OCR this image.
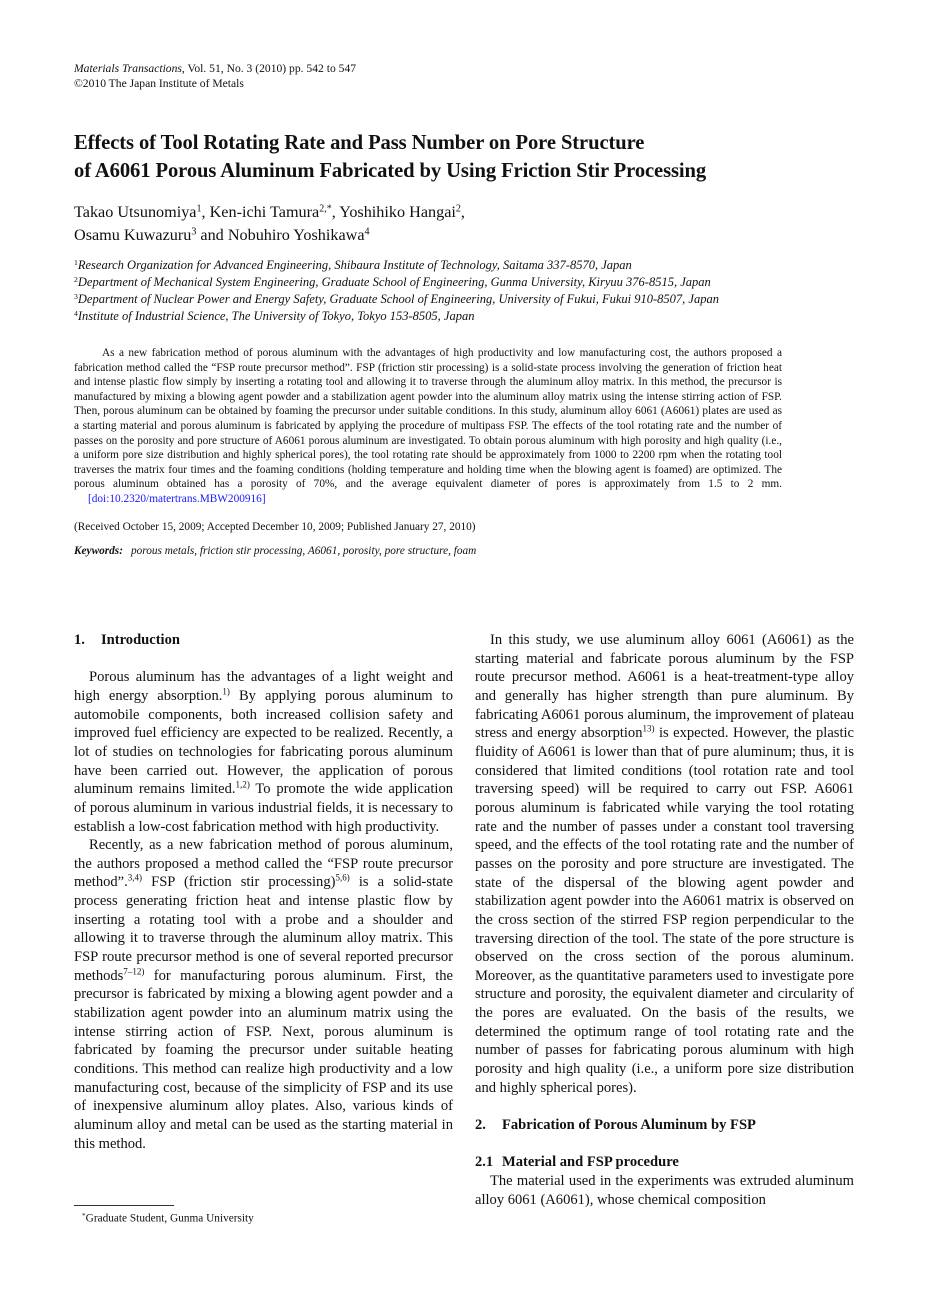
Materials Transactions, Vol. 51, No. 3 (2010) pp. 542 to 547
©2010 The Japan Institute of Metals
Effects of Tool Rotating Rate and Pass Number on Pore Structure
of A6061 Porous Aluminum Fabricated by Using Friction Stir Processing
Takao Utsunomiya$^1$, Ken-ichi Tamura$^{2,*}$, Yoshihiko Hangai$^2$,
Osamu Kuwazuru$^3$ and Nobuhiro Yoshikawa$^4$
$^1$Research Organization for Advanced Engineering, Shibaura Institute of Technology, Saitama 337-8570, Japan
$^2$Department of Mechanical System Engineering, Graduate School of Engineering, Gunma University, Kiryuu 376-8515, Japan
$^3$Department of Nuclear Power and Energy Safety, Graduate School of Engineering, University of Fukui, Fukui 910-8507, Japan
$^4$Institute of Industrial Science, The University of Tokyo, Tokyo 153-8505, Japan
As a new fabrication method of porous aluminum with the advantages of high productivity and low manufacturing cost, the authors proposed a fabrication method called the “FSP route precursor method”. FSP (friction stir processing) is a solid-state process involving the generation of friction heat and intense plastic flow simply by inserting a rotating tool and allowing it to traverse through the aluminum alloy matrix. In this method, the precursor is manufactured by mixing a blowing agent powder and a stabilization agent powder into the aluminum alloy matrix using the intense stirring action of FSP. Then, porous aluminum can be obtained by foaming the precursor under suitable conditions. In this study, aluminum alloy 6061 (A6061) plates are used as a starting material and porous aluminum is fabricated by applying the procedure of multipass FSP. The effects of the tool rotating rate and the number of passes on the porosity and pore structure of A6061 porous aluminum are investigated. To obtain porous aluminum with high porosity and high quality (i.e., a uniform pore size distribution and highly spherical pores), the tool rotating rate should be approximately from 1000 to 2200 rpm when the rotating tool traverses the matrix four times and the foaming conditions (holding temperature and holding time when the blowing agent is foamed) are optimized. The porous aluminum obtained has a porosity of 70%, and the average equivalent diameter of pores is approximately from 1.5 to 2 mm.[doi:10.2320/matertrans.MBW200916]
(Received October 15, 2009; Accepted December 10, 2009; Published January 27, 2010)
Keywords: porous metals, friction stir processing, A6061, porosity, pore structure, foam
1. Introduction

Porous aluminum has the advantages of a light weight and high energy absorption.$^{1)}$ By applying porous aluminum to automobile components, both increased collision safety and improved fuel efficiency are expected to be realized. Recently, a lot of studies on technologies for fabricating porous aluminum have been carried out. However, the application of porous aluminum remains limited.$^{1,2)}$ To promote the wide application of porous aluminum in various industrial fields, it is necessary to establish a low-cost fabrication method with high productivity.

Recently, as a new fabrication method of porous aluminum, the authors proposed a method called the “FSP route precursor method”.$^{3,4)}$ FSP (friction stir processing)$^{5,6)}$ is a solid-state process generating friction heat and intense plastic flow by inserting a rotating tool with a probe and a shoulder and allowing it to traverse through the aluminum alloy matrix. This FSP route precursor method is one of several reported precursor methods$^{7-12)}$ for manufacturing porous aluminum. First, the precursor is fabricated by mixing a blowing agent powder and a stabilization agent powder into an aluminum matrix using the intense stirring action of FSP. Next, porous aluminum is fabricated by foaming the precursor under suitable heating conditions. This method can realize high productivity and a low manufacturing cost, because of the simplicity of FSP and its use of inexpensive aluminum alloy plates. Also, various kinds of aluminum alloy and metal can be used as the starting material in this method.

In this study, we use aluminum alloy 6061 (A6061) as the starting material and fabricate porous aluminum by the FSP route precursor method. A6061 is a heat-treatment-type alloy and generally has higher strength than pure aluminum. By fabricating A6061 porous aluminum, the improvement of plateau stress and energy absorption$^{13)}$ is expected. However, the plastic fluidity of A6061 is lower than that of pure aluminum; thus, it is considered that limited conditions (tool rotation rate and tool traversing speed) will be required to carry out FSP. A6061 porous aluminum is fabricated while varying the tool rotating rate and the number of passes under a constant tool traversing speed, and the effects of the tool rotating rate and the number of passes on the porosity and pore structure are investigated. The state of the dispersal of the blowing agent powder and stabilization agent powder into the A6061 matrix is observed on the cross section of the stirred FSP region perpendicular to the traversing direction of the tool. The state of the pore structure is observed on the cross section of the porous aluminum. Moreover, as the quantitative parameters used to investigate pore structure and porosity, the equivalent diameter and circularity of the pores are evaluated. On the basis of the results, we determined the optimum range of tool rotating rate and the number of passes for fabricating porous aluminum with high porosity and high quality (i.e., a uniform pore size distribution and highly spherical pores).

2. Fabrication of Porous Aluminum by FSP
2.1 Material and FSP procedure

The material used in the experiments was extruded aluminum alloy 6061 (A6061), whose chemical composition

*Graduate Student, Gunma University
